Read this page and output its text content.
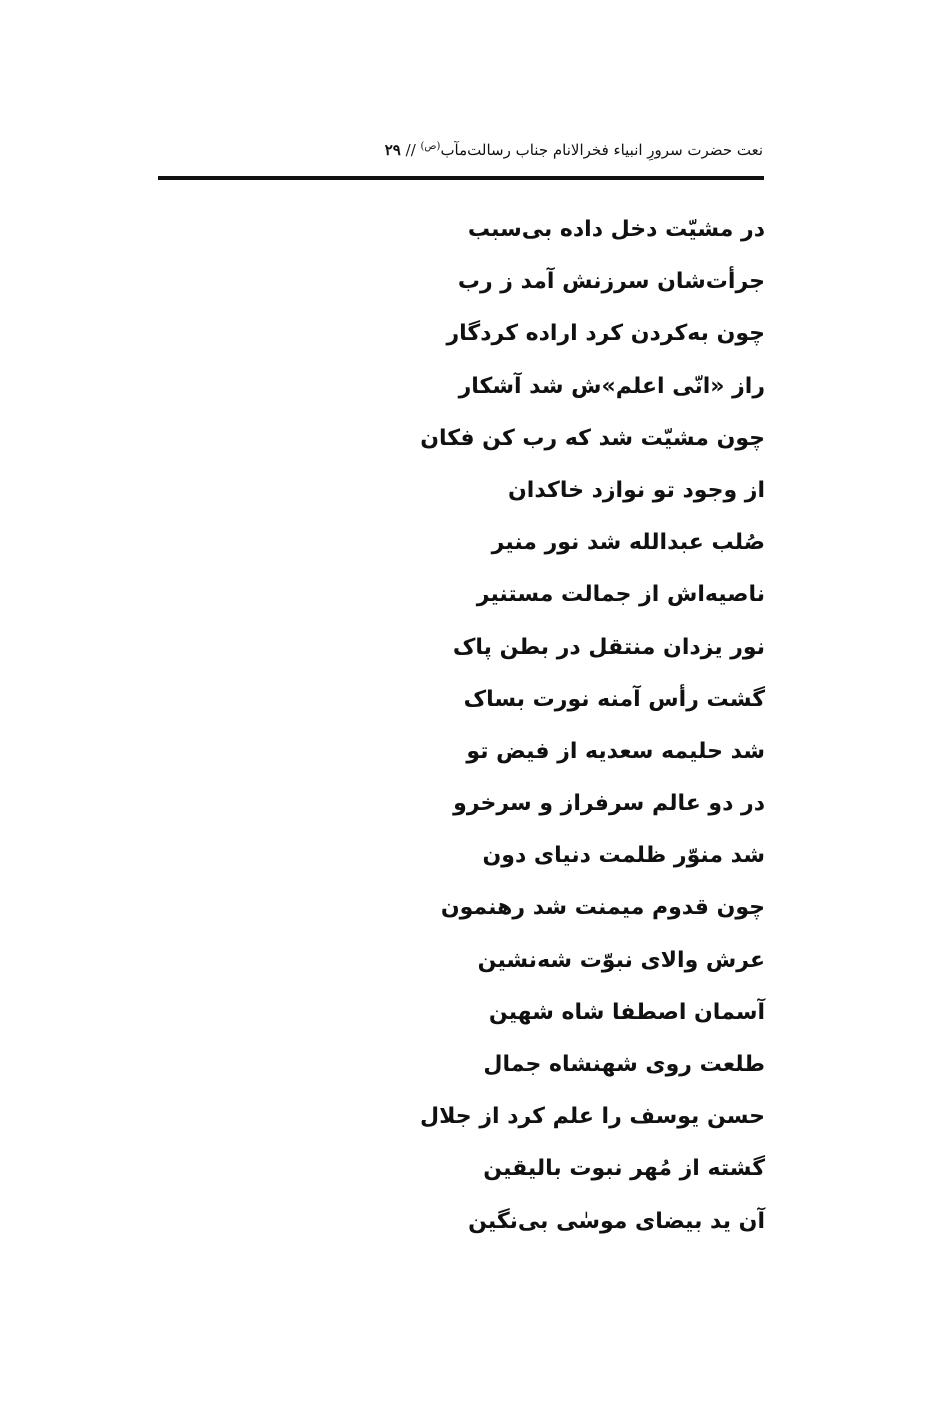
نعت حضرت سرورِ انبیاء فخرالانام جناب رسالت‌مآب$^{(ص)}$ // ۲۹
در مشیّت دخل داده بی‌سبب
جرأت‌شان سرزنش آمد ز رب
چون به‌کردن کرد اراده کردگار
راز «انّی اعلم»ش شد آشکار
چون مشیّت شد که رب کن فکان
از وجود تو نوازد خاکدان
صُلب عبدالله شد نور منیر
ناصیه‌اش از جمالت مستنیر
نور یزدان منتقل در بطن پاک
گشت رأس آمنه نورت بساک
شد حلیمه سعدیه از فیض تو
در دو عالم سرفراز و سرخرو
شد منوّر ظلمت دنیای دون
چون قدوم میمنت شد رهنمون
عرش والای نبوّت شه‌نشین
آسمان اصطفا شاه شهین
طلعت روی شهنشاه جمال
حسن یوسف را علم کرد از جلال
گشته از مُهر نبوت بالیقین
آن ید بیضای موسٰی بی‌نگین
